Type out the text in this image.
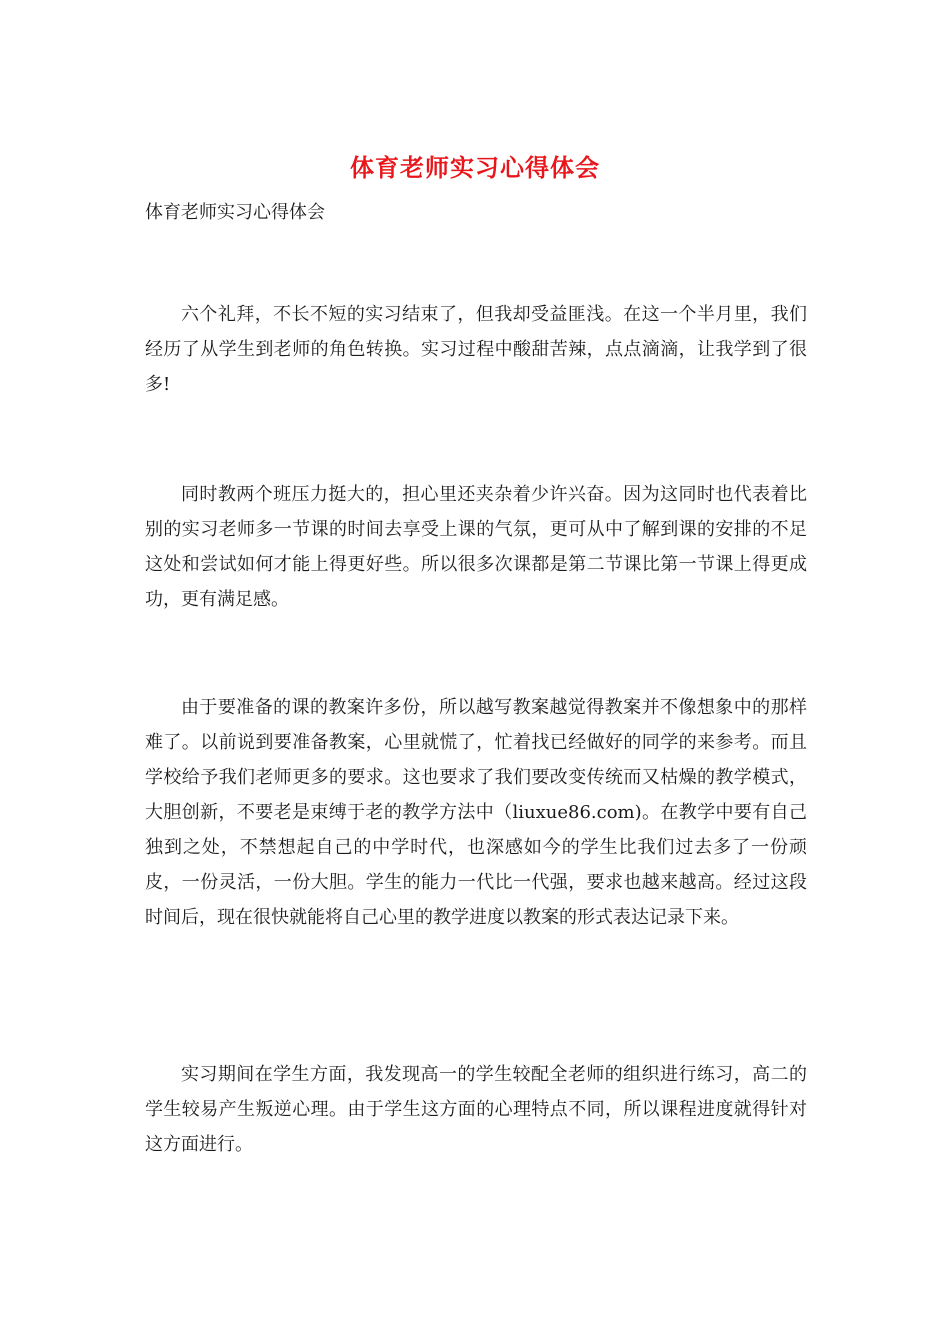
体育老师实习心得体会

体育老师实习心得体会

六个礼拜，不长不短的实习结束了，但我却受益匪浅。在这一个半月里，我们经历了从学生到老师的角色转换。实习过程中酸甜苦辣，点点滴滴，让我学到了很多!

同时教两个班压力挺大的，担心里还夹杂着少许兴奋。因为这同时也代表着比别的实习老师多一节课的时间去享受上课的气氛，更可从中了解到课的安排的不足这处和尝试如何才能上得更好些。所以很多次课都是第二节课比第一节课上得更成功，更有满足感。

由于要准备的课的教案许多份，所以越写教案越觉得教案并不像想象中的那样难了。以前说到要准备教案，心里就慌了，忙着找已经做好的同学的来参考。而且学校给予我们老师更多的要求。这也要求了我们要改变传统而又枯燥的教学模式，大胆创新，不要老是束缚于老的教学方法中（liuxue86.com)。在教学中要有自己独到之处，不禁想起自己的中学时代，也深感如今的学生比我们过去多了一份顽皮，一份灵活，一份大胆。学生的能力一代比一代强，要求也越来越高。经过这段时间后，现在很快就能将自己心里的教学进度以教案的形式表达记录下来。

实习期间在学生方面，我发现高一的学生较配全老师的组织进行练习，高二的学生较易产生叛逆心理。由于学生这方面的心理特点不同，所以课程进度就得针对这方面进行。
